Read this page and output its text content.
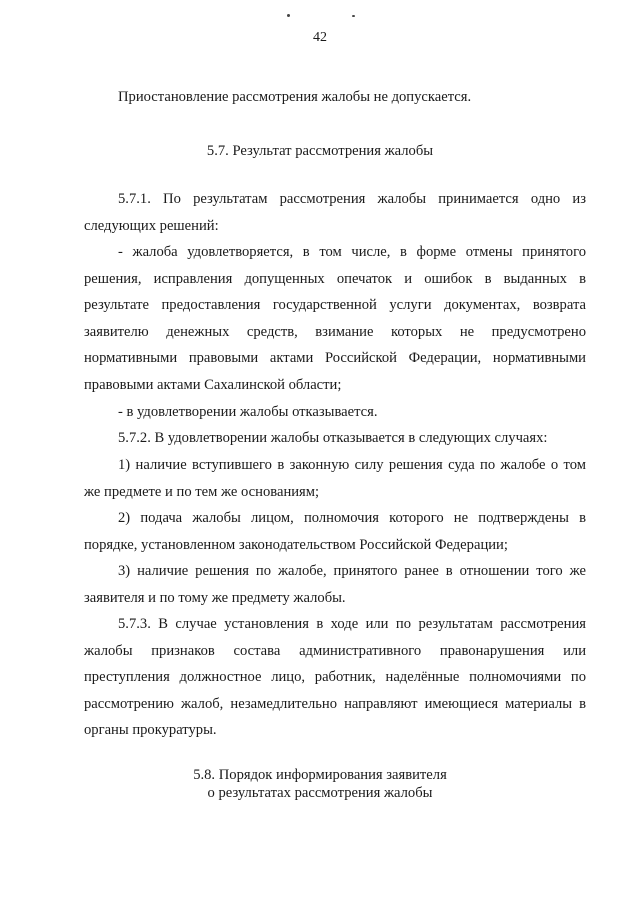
42
Приостановление рассмотрения жалобы не допускается.
5.7. Результат рассмотрения жалобы
5.7.1. По результатам рассмотрения жалобы принимается одно из
следующих решений:
- жалоба удовлетворяется, в том числе, в форме отмены принятого
решения, исправления допущенных опечаток и ошибок в выданных в
результате предоставления государственной услуги документах, возврата
заявителю денежных средств, взимание которых не предусмотрено
нормативными правовыми актами Российской Федерации, нормативными
правовыми актами Сахалинской области;
- в удовлетворении жалобы отказывается.
5.7.2. В удовлетворении жалобы отказывается в следующих случаях:
1) наличие вступившего в законную силу решения суда по жалобе о том
же предмете и по тем же основаниям;
2) подача жалобы лицом, полномочия которого не подтверждены в
порядке, установленном законодательством Российской Федерации;
3) наличие решения по жалобе, принятого ранее в отношении того же
заявителя и по тому же предмету жалобы.
5.7.3. В случае установления в ходе или по результатам рассмотрения
жалобы признаков состава административного правонарушения или
преступления должностное лицо, работник, наделённые полномочиями по
рассмотрению жалоб, незамедлительно направляют имеющиеся материалы в
органы прокуратуры.
5.8. Порядок информирования заявителя
о результатах рассмотрения жалобы
